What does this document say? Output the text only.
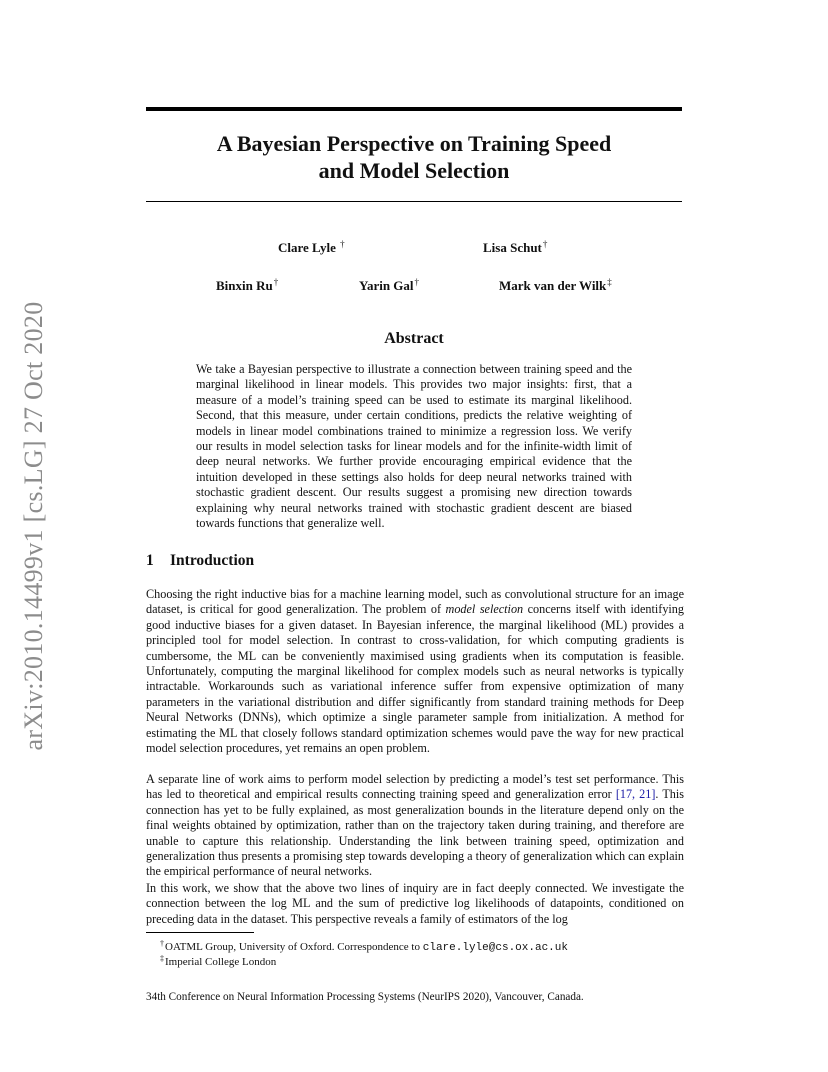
arXiv:2010.14499v1 [cs.LG] 27 Oct 2020
A Bayesian Perspective on Training Speed
and Model Selection
Clare Lyle †	Lisa Schut†
Binxin Ru†	Yarin Gal†	Mark van der Wilk‡
Abstract

We take a Bayesian perspective to illustrate a connection between training speed and the marginal likelihood in linear models. This provides two major insights: first, that a measure of a model’s training speed can be used to estimate its marginal likelihood. Second, that this measure, under certain conditions, predicts the relative weighting of models in linear model combinations trained to minimize a regression loss. We verify our results in model selection tasks for linear models and for the infinite-width limit of deep neural networks. We further provide encouraging empirical evidence that the intuition developed in these settings also holds for deep neural networks trained with stochastic gradient descent. Our results suggest a promising new direction towards explaining why neural networks trained with stochastic gradient descent are biased towards functions that generalize well.

1 Introduction

Choosing the right inductive bias for a machine learning model, such as convolutional structure for an image dataset, is critical for good generalization. The problem of model selection concerns itself with identifying good inductive biases for a given dataset. In Bayesian inference, the marginal likelihood (ML) provides a principled tool for model selection. In contrast to cross-validation, for which computing gradients is cumbersome, the ML can be conveniently maximised using gradients when its computation is feasible. Unfortunately, computing the marginal likelihood for complex models such as neural networks is typically intractable. Workarounds such as variational inference suffer from expensive optimization of many parameters in the variational distribution and differ significantly from standard training methods for Deep Neural Networks (DNNs), which optimize a single parameter sample from initialization. A method for estimating the ML that closely follows standard optimization schemes would pave the way for new practical model selection procedures, yet remains an open problem.

A separate line of work aims to perform model selection by predicting a model’s test set performance. This has led to theoretical and empirical results connecting training speed and generalization error [17, 21]. This connection has yet to be fully explained, as most generalization bounds in the literature depend only on the final weights obtained by optimization, rather than on the trajectory taken during training, and therefore are unable to capture this relationship. Understanding the link between training speed, optimization and generalization thus presents a promising step towards developing a theory of generalization which can explain the empirical performance of neural networks.

In this work, we show that the above two lines of inquiry are in fact deeply connected. We investigate the connection between the log ML and the sum of predictive log likelihoods of datapoints, conditioned on preceding data in the dataset. This perspective reveals a family of estimators of the log

†OATML Group, University of Oxford. Correspondence to clare.lyle@cs.ox.ac.uk
‡Imperial College London
34th Conference on Neural Information Processing Systems (NeurIPS 2020), Vancouver, Canada.
